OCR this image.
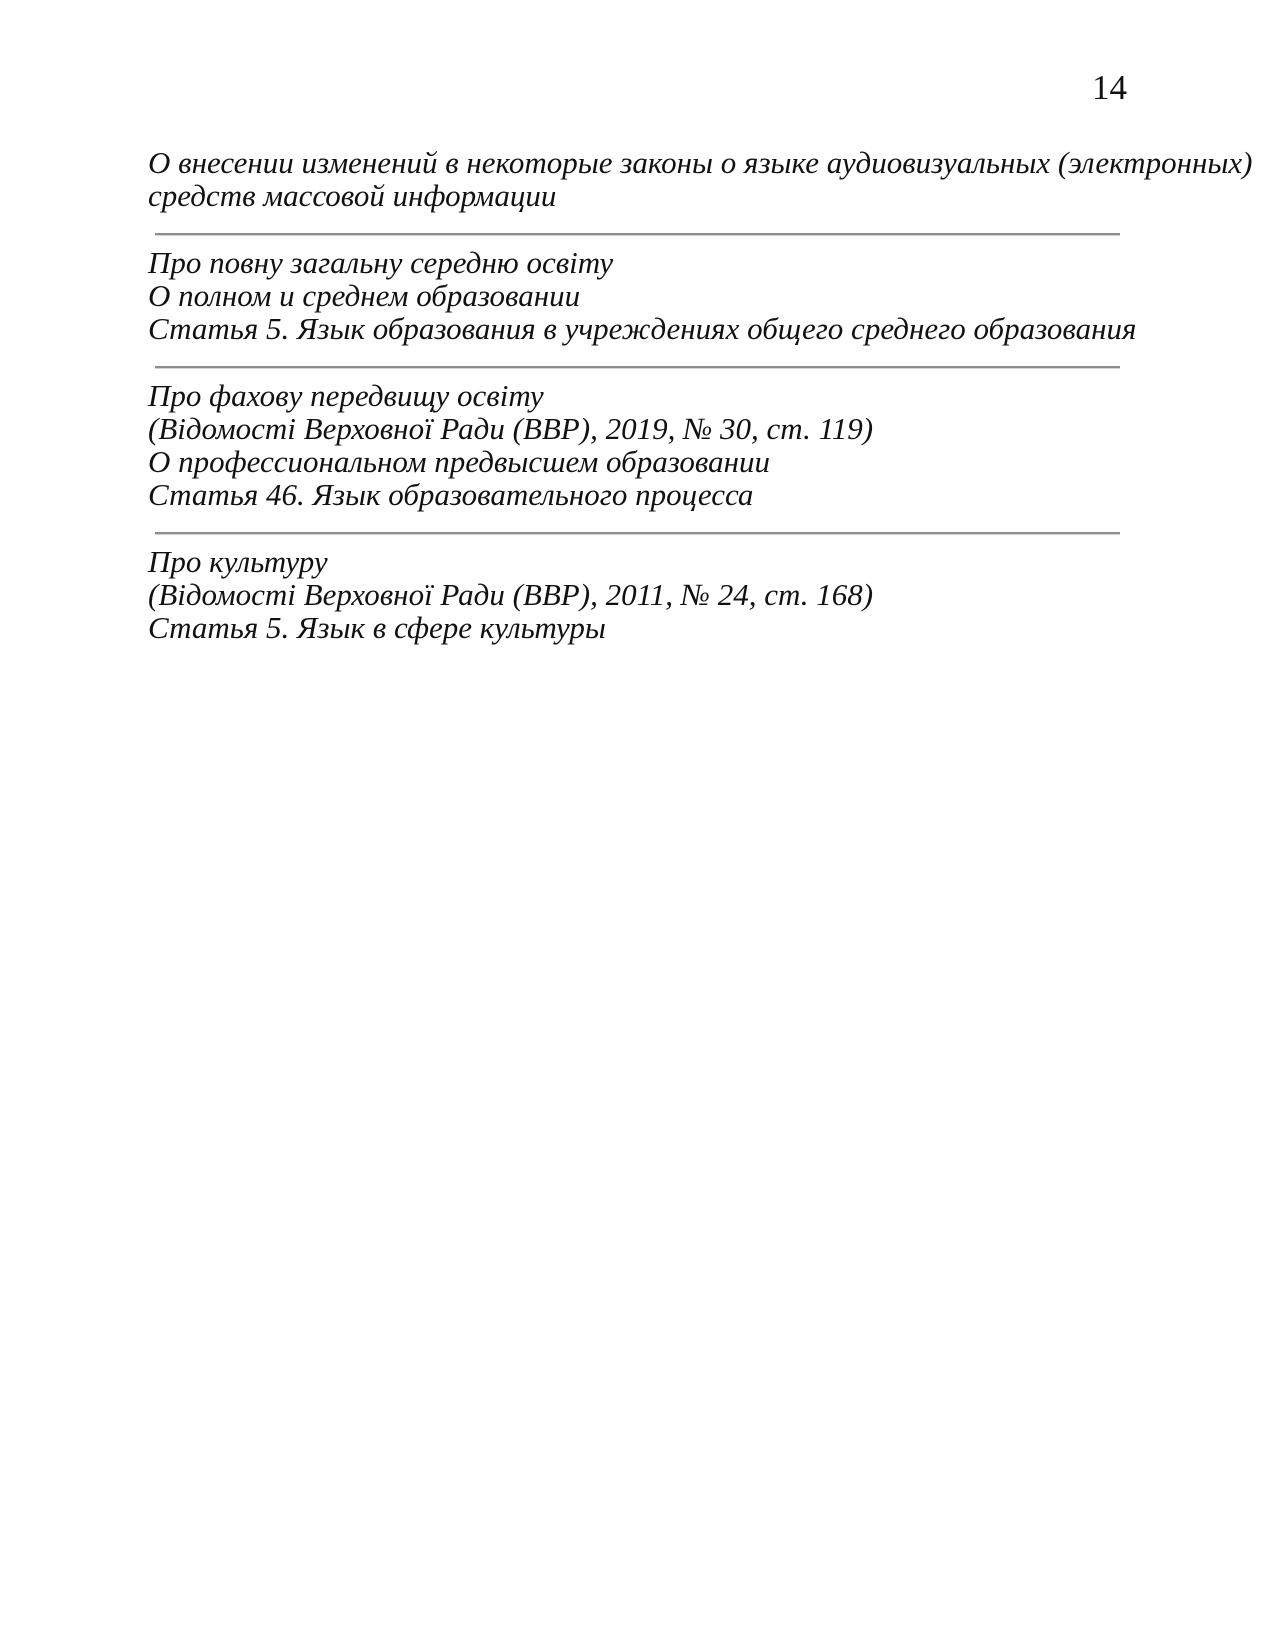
14
О внесении изменений в некоторые законы о языке аудиовизуальных (электронных)
средств массовой информации
Про повну загальну середню освіту
О полном и среднем образовании
Статья 5. Язык образования в учреждениях общего среднего образования
Про фахову передвищу освіту
(Відомості Верховної Ради (ВВР), 2019, № 30, ст. 119)
О профессиональном предвысшем образовании
Статья 46. Язык образовательного процесса
Про культуру
(Відомості Верховної Ради (ВВР), 2011, № 24, ст. 168)
Статья 5. Язык в сфере культуры
